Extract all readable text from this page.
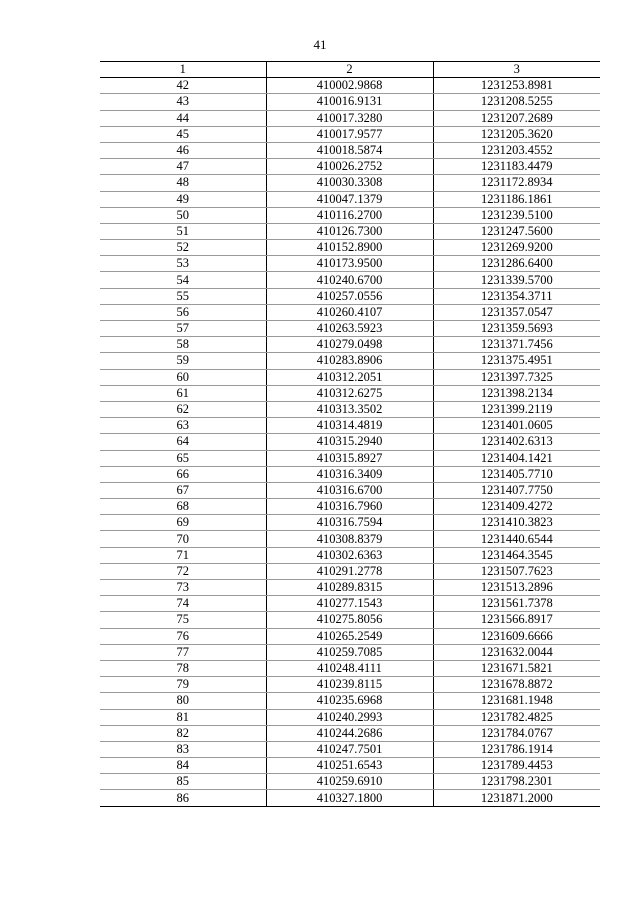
41
1	2	3
42	410002.9868	1231253.8981
43	410016.9131	1231208.5255
44	410017.3280	1231207.2689
45	410017.9577	1231205.3620
46	410018.5874	1231203.4552
47	410026.2752	1231183.4479
48	410030.3308	1231172.8934
49	410047.1379	1231186.1861
50	410116.2700	1231239.5100
51	410126.7300	1231247.5600
52	410152.8900	1231269.9200
53	410173.9500	1231286.6400
54	410240.6700	1231339.5700
55	410257.0556	1231354.3711
56	410260.4107	1231357.0547
57	410263.5923	1231359.5693
58	410279.0498	1231371.7456
59	410283.8906	1231375.4951
60	410312.2051	1231397.7325
61	410312.6275	1231398.2134
62	410313.3502	1231399.2119
63	410314.4819	1231401.0605
64	410315.2940	1231402.6313
65	410315.8927	1231404.1421
66	410316.3409	1231405.7710
67	410316.6700	1231407.7750
68	410316.7960	1231409.4272
69	410316.7594	1231410.3823
70	410308.8379	1231440.6544
71	410302.6363	1231464.3545
72	410291.2778	1231507.7623
73	410289.8315	1231513.2896
74	410277.1543	1231561.7378
75	410275.8056	1231566.8917
76	410265.2549	1231609.6666
77	410259.7085	1231632.0044
78	410248.4111	1231671.5821
79	410239.8115	1231678.8872
80	410235.6968	1231681.1948
81	410240.2993	1231782.4825
82	410244.2686	1231784.0767
83	410247.7501	1231786.1914
84	410251.6543	1231789.4453
85	410259.6910	1231798.2301
86	410327.1800	1231871.2000
